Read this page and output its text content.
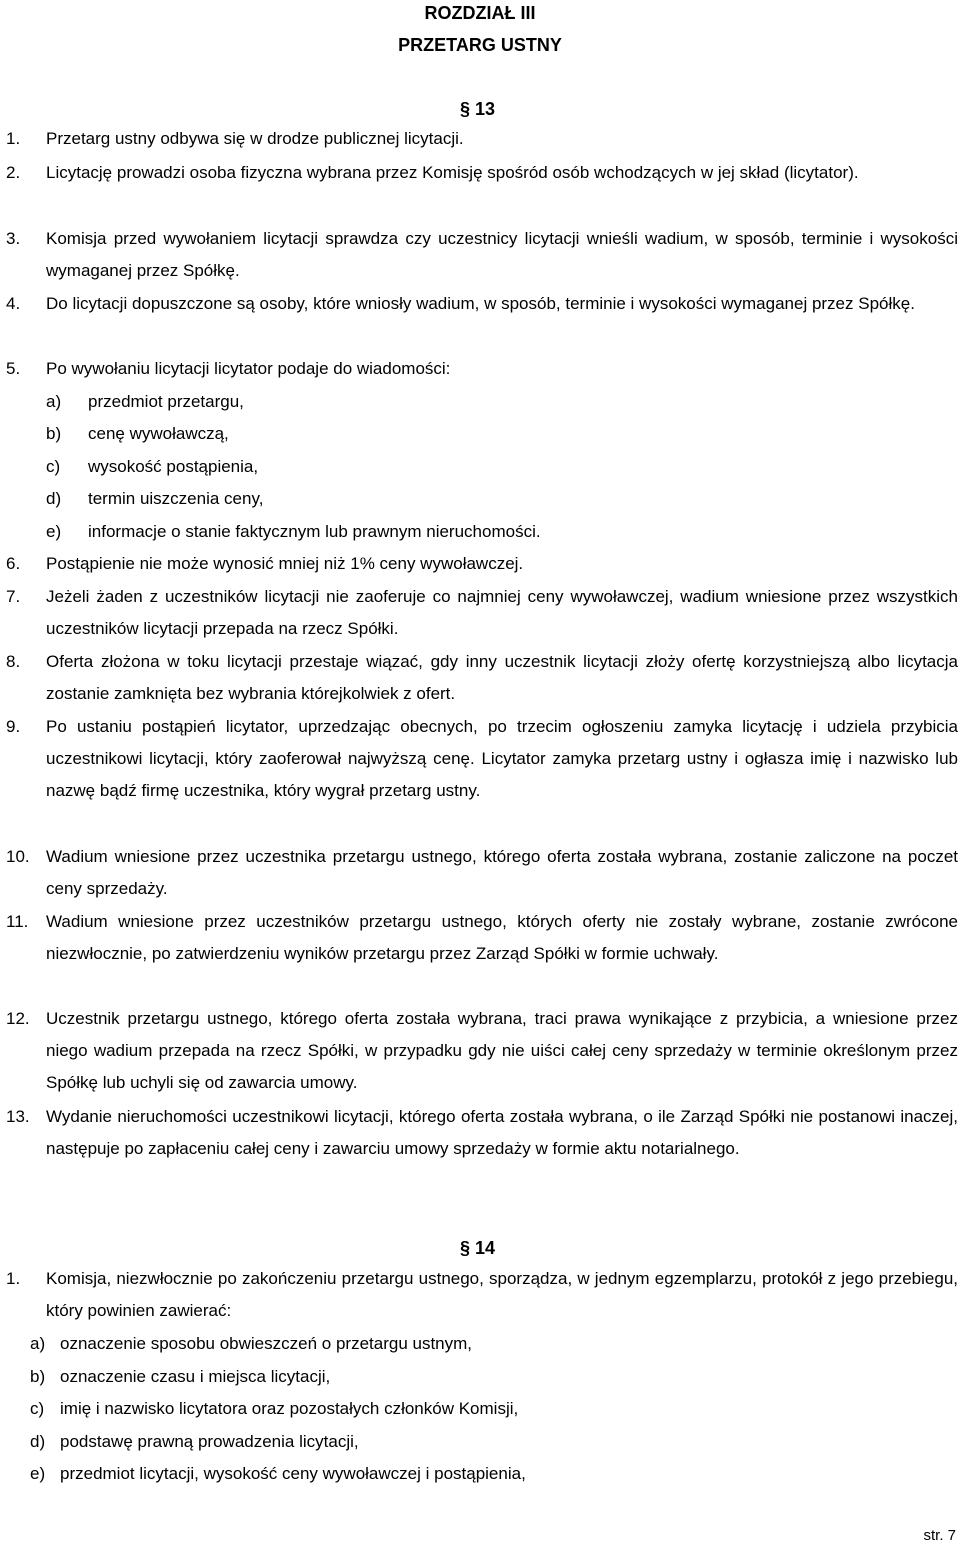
ROZDZIAŁ III
PRZETARG USTNY
§ 13
1. Przetarg ustny odbywa się w drodze publicznej licytacji.
2. Licytację prowadzi osoba fizyczna wybrana przez Komisję spośród osób wchodzących w jej skład (licytator).
3. Komisja przed wywołaniem licytacji sprawdza czy uczestnicy licytacji wnieśli wadium, w sposób, terminie i wysokości wymaganej przez Spółkę.
4. Do licytacji dopuszczone są osoby, które wniosły wadium, w sposób, terminie i wysokości wymaganej przez Spółkę.
5. Po wywołaniu licytacji licytator podaje do wiadomości:
a) przedmiot przetargu,
b) cenę wywoławczą,
c) wysokość postąpienia,
d) termin uiszczenia ceny,
e) informacje o stanie faktycznym lub prawnym nieruchomości.
6. Postąpienie nie może wynosić mniej niż 1% ceny wywoławczej.
7. Jeżeli żaden z uczestników licytacji nie zaoferuje co najmniej ceny wywoławczej, wadium wniesione przez wszystkich uczestników licytacji przepada na rzecz Spółki.
8. Oferta złożona w toku licytacji przestaje wiązać, gdy inny uczestnik licytacji złoży ofertę korzystniejszą albo licytacja zostanie zamknięta bez wybrania którejkolwiek z ofert.
9. Po ustaniu postąpień licytator, uprzedzając obecnych, po trzecim ogłoszeniu zamyka licytację i udziela przybicia uczestnikowi licytacji, który zaoferował najwyższą cenę. Licytator zamyka przetarg ustny i ogłasza imię i nazwisko lub nazwę bądź firmę uczestnika, który wygrał przetarg ustny.
10. Wadium wniesione przez uczestnika przetargu ustnego, którego oferta została wybrana, zostanie zaliczone na poczet ceny sprzedaży.
11. Wadium wniesione przez uczestników przetargu ustnego, których oferty nie zostały wybrane, zostanie zwrócone niezwłocznie, po zatwierdzeniu wyników przetargu przez Zarząd Spółki w formie uchwały.
12. Uczestnik przetargu ustnego, którego oferta została wybrana, traci prawa wynikające z przybicia, a wniesione przez niego wadium przepada na rzecz Spółki, w przypadku gdy nie uiści całej ceny sprzedaży w terminie określonym przez Spółkę lub uchyli się od zawarcia umowy.
13. Wydanie nieruchomości uczestnikowi licytacji, którego oferta została wybrana, o ile Zarząd Spółki nie postanowi inaczej, następuje po zapłaceniu całej ceny i zawarciu umowy sprzedaży w formie aktu notarialnego.
§ 14
1. Komisja, niezwłocznie po zakończeniu przetargu ustnego, sporządza, w jednym egzemplarzu, protokół z jego przebiegu, który powinien zawierać:
a) oznaczenie sposobu obwieszczeń o przetargu ustnym,
b) oznaczenie czasu i miejsca licytacji,
c) imię i nazwisko licytatora oraz pozostałych członków Komisji,
d) podstawę prawną prowadzenia licytacji,
e) przedmiot licytacji, wysokość ceny wywoławczej i postąpienia,
str. 7
